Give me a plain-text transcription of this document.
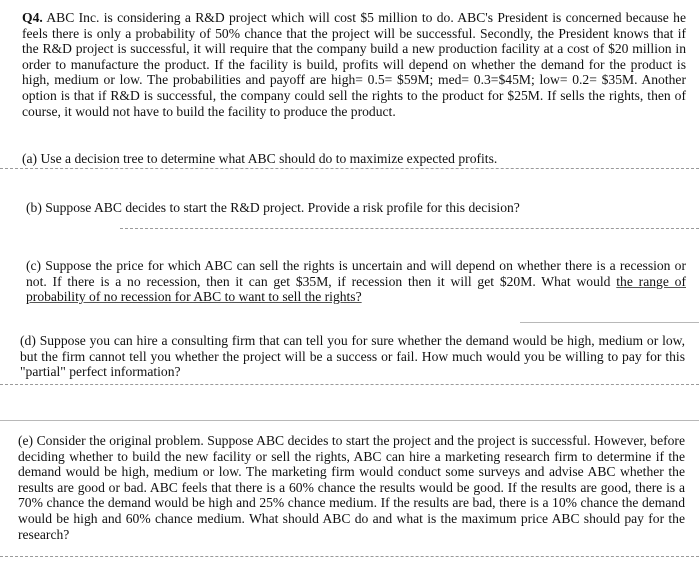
Q4. ABC Inc. is considering a R&D project which will cost $5 million to do. ABC's President is concerned because he feels there is only a probability of 50% chance that the project will be successful. Secondly, the President knows that if the R&D project is successful, it will require that the company build a new production facility at a cost of $20 million in order to manufacture the product. If the facility is build, profits will depend on whether the demand for the product is high, medium or low. The probabilities and payoff are high= 0.5= $59M; med= 0.3=$45M; low= 0.2= $35M. Another option is that if R&D is successful, the company could sell the rights to the product for $25M. If sells the rights, then of course, it would not have to build the facility to produce the product.

(a) Use a decision tree to determine what ABC should do to maximize expected profits.

(b) Suppose ABC decides to start the R&D project. Provide a risk profile for this decision?

(c) Suppose the price for which ABC can sell the rights is uncertain and will depend on whether there is a recession or not. If there is a no recession, then it can get $35M, if recession then it will get $20M. What would the range of probability of no recession for ABC to want to sell the rights?

(d) Suppose you can hire a consulting firm that can tell you for sure whether the demand would be high, medium or low, but the firm cannot tell you whether the project will be a success or fail. How much would you be willing to pay for this "partial" perfect information?

(e) Consider the original problem. Suppose ABC decides to start the project and the project is successful. However, before deciding whether to build the new facility or sell the rights, ABC can hire a marketing research firm to determine if the demand would be high, medium or low. The marketing firm would conduct some surveys and advise ABC whether the results are good or bad. ABC feels that there is a 60% chance the results would be good. If the results are good, there is a 70% chance the demand would be high and 25% chance medium. If the results are bad, there is a 10% chance the demand would be high and 60% chance medium. What should ABC do and what is the maximum price ABC should pay for the research?
